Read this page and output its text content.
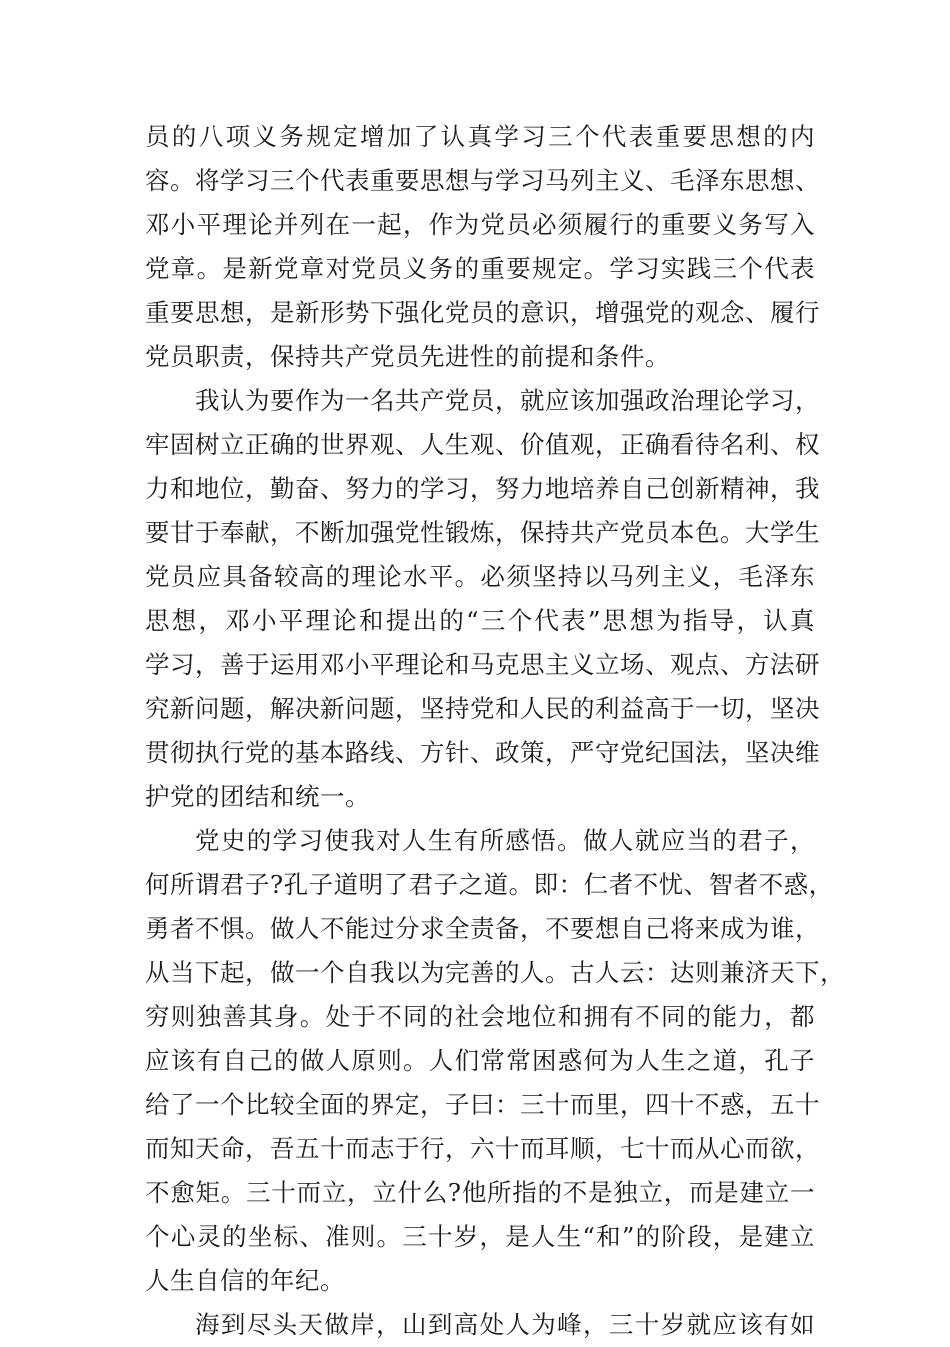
员的八项义务规定增加了认真学习三个代表重要思想的内
容。将学习三个代表重要思想与学习马列主义、毛泽东思想、
邓小平理论并列在一起，作为党员必须履行的重要义务写入
党章。是新党章对党员义务的重要规定。学习实践三个代表
重要思想，是新形势下强化党员的意识，增强党的观念、履行
党员职责，保持共产党员先进性的前提和条件。
我认为要作为一名共产党员，就应该加强政治理论学习，
牢固树立正确的世界观、人生观、价值观，正确看待名利、权
力和地位，勤奋、努力的学习，努力地培养自己创新精神，我
要甘于奉献，不断加强党性锻炼，保持共产党员本色。大学生
党员应具备较高的理论水平。必须坚持以马列主义，毛泽东
思想，邓小平理论和提出的“三个代表”思想为指导，认真
学习，善于运用邓小平理论和马克思主义立场、观点、方法研
究新问题，解决新问题，坚持党和人民的利益高于一切，坚决
贯彻执行党的基本路线、方针、政策，严守党纪国法，坚决维
护党的团结和统一。
党史的学习使我对人生有所感悟。做人就应当的君子，
何所谓君子?孔子道明了君子之道。即：仁者不忧、智者不惑，
勇者不惧。做人不能过分求全责备，不要想自己将来成为谁，
从当下起，做一个自我以为完善的人。古人云：达则兼济天下，
穷则独善其身。处于不同的社会地位和拥有不同的能力，都
应该有自己的做人原则。人们常常困惑何为人生之道，孔子
给了一个比较全面的界定，子曰：三十而里，四十不惑，五十
而知天命，吾五十而志于行，六十而耳顺，七十而从心而欲，
不愈矩。三十而立，立什么?他所指的不是独立，而是建立一
个心灵的坐标、准则。三十岁，是人生“和”的阶段，是建立
人生自信的年纪。
海到尽头天做岸，山到高处人为峰，三十岁就应该有如
